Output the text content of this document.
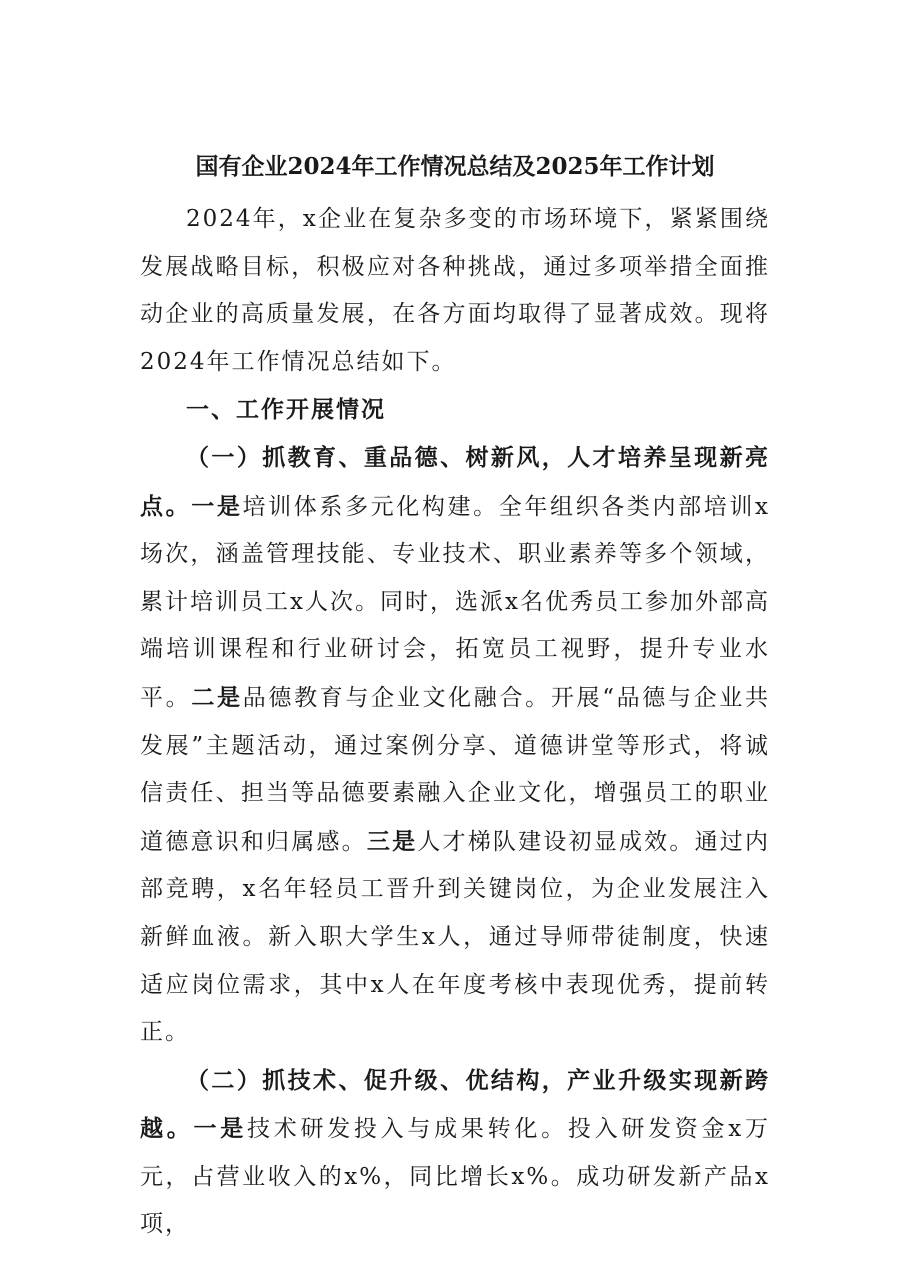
国有企业2024年工作情况总结及2025年工作计划

2024年，x企业在复杂多变的市场环境下，紧紧围绕发展战略目标，积极应对各种挑战，通过多项举措全面推动企业的高质量发展，在各方面均取得了显著成效。现将2024年工作情况总结如下。

一、工作开展情况

（一）抓教育、重品德、树新风，人才培养呈现新亮点。一是培训体系多元化构建。全年组织各类内部培训x场次，涵盖管理技能、专业技术、职业素养等多个领域，累计培训员工x人次。同时，选派x名优秀员工参加外部高端培训课程和行业研讨会，拓宽员工视野，提升专业水平。二是品德教育与企业文化融合。开展“品德与企业共发展”主题活动，通过案例分享、道德讲堂等形式，将诚信责任、担当等品德要素融入企业文化，增强员工的职业道德意识和归属感。三是人才梯队建设初显成效。通过内部竞聘，x名年轻员工晋升到关键岗位，为企业发展注入新鲜血液。新入职大学生x人，通过导师带徒制度，快速适应岗位需求，其中x人在年度考核中表现优秀，提前转正。

（二）抓技术、促升级、优结构，产业升级实现新跨越。一是技术研发投入与成果转化。投入研发资金x万元，占营业收入的x%，同比增长x%。成功研发新产品x项，
